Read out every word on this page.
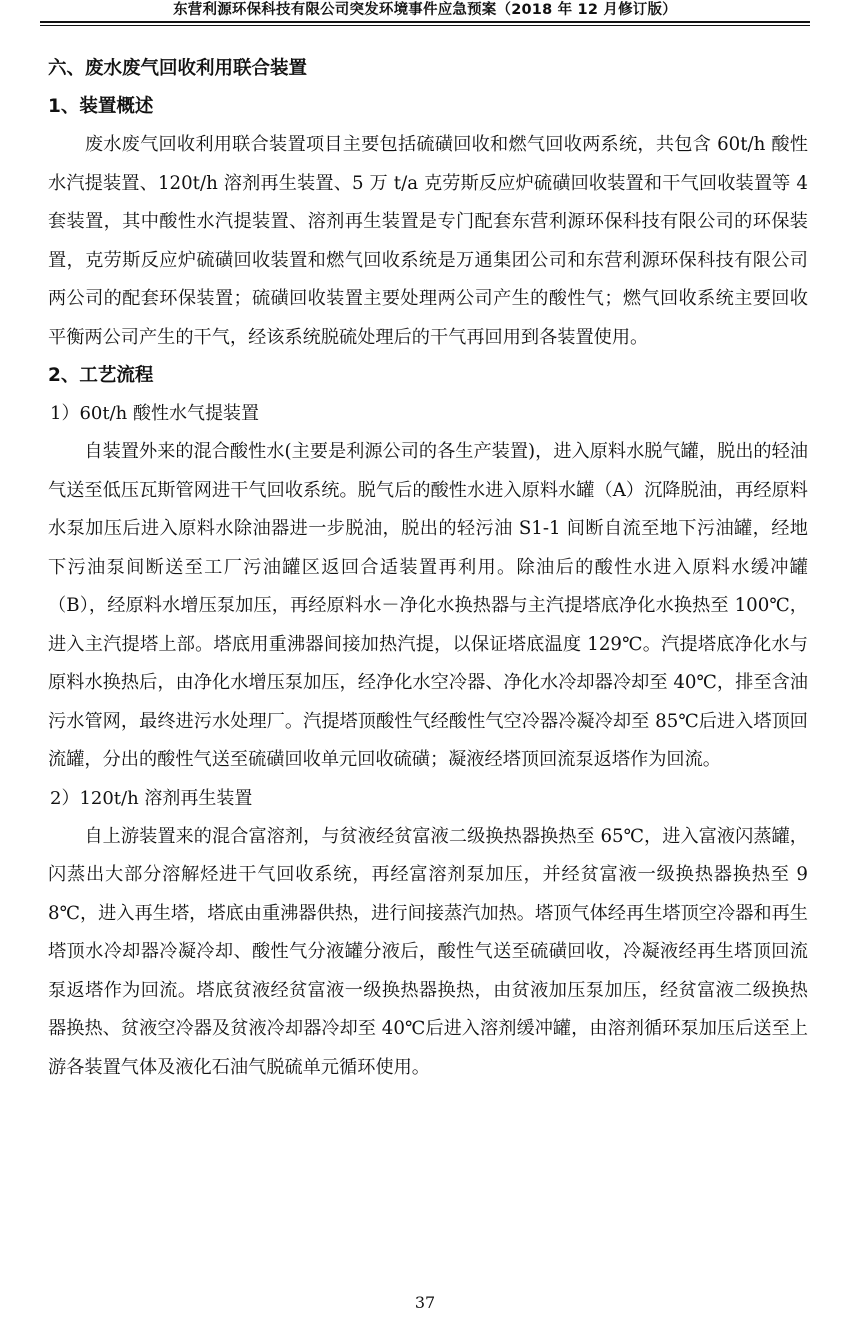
东营利源环保科技有限公司突发环境事件应急预案（2018 年 12 月修订版）

六、废水废气回收利用联合装置

1、装置概述

　　废水废气回收利用联合装置项目主要包括硫磺回收和燃气回收两系统，共包含 60t/h 酸性水汽提装置、120t/h 溶剂再生装置、5 万 t/a 克劳斯反应炉硫磺回收装置和干气回收装置等 4 套装置，其中酸性水汽提装置、溶剂再生装置是专门配套东营利源环保科技有限公司的环保装置，克劳斯反应炉硫磺回收装置和燃气回收系统是万通集团公司和东营利源环保科技有限公司两公司的配套环保装置；硫磺回收装置主要处理两公司产生的酸性气；燃气回收系统主要回收平衡两公司产生的干气，经该系统脱硫处理后的干气再回用到各装置使用。

2、工艺流程

1）60t/h 酸性水气提装置

　　自装置外来的混合酸性水(主要是利源公司的各生产装置)，进入原料水脱气罐，脱出的轻油气送至低压瓦斯管网进干气回收系统。脱气后的酸性水进入原料水罐（A）沉降脱油，再经原料水泵加压后进入原料水除油器进一步脱油，脱出的轻污油 S1-1 间断自流至地下污油罐，经地下污油泵间断送至工厂污油罐区返回合适装置再利用。除油后的酸性水进入原料水缓冲罐（B），经原料水增压泵加压，再经原料水－净化水换热器与主汽提塔底净化水换热至 100℃，进入主汽提塔上部。塔底用重沸器间接加热汽提，以保证塔底温度 129℃。汽提塔底净化水与原料水换热后，由净化水增压泵加压，经净化水空冷器、净化水冷却器冷却至 40℃，排至含油污水管网，最终进污水处理厂。汽提塔顶酸性气经酸性气空冷器冷凝冷却至 85℃后进入塔顶回流罐，分出的酸性气送至硫磺回收单元回收硫磺；凝液经塔顶回流泵返塔作为回流。

2）120t/h 溶剂再生装置

　　自上游装置来的混合富溶剂，与贫液经贫富液二级换热器换热至 65℃，进入富液闪蒸罐，闪蒸出大部分溶解烃进干气回收系统，再经富溶剂泵加压，并经贫富液一级换热器换热至 98℃，进入再生塔，塔底由重沸器供热，进行间接蒸汽加热。塔顶气体经再生塔顶空冷器和再生塔顶水冷却器冷凝冷却、酸性气分液罐分液后，酸性气送至硫磺回收，冷凝液经再生塔顶回流泵返塔作为回流。塔底贫液经贫富液一级换热器换热，由贫液加压泵加压，经贫富液二级换热器换热、贫液空冷器及贫液冷却器冷却至 40℃后进入溶剂缓冲罐，由溶剂循环泵加压后送至上游各装置气体及液化石油气脱硫单元循环使用。

37
